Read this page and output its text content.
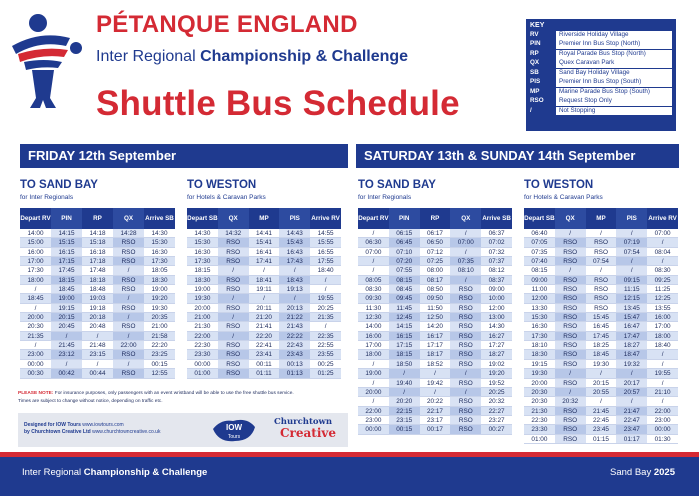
PÉTANQUE ENGLAND
Inter Regional Championship & Challenge
Shuttle Bus Schedule
KEY
RV	Riverside Holiday Village
PIN	Premier Inn Bus Stop (North)
RP	Royal Parade Bus Stop (North)
QX	Quex Caravan Park
SB	Sand Bay Holiday Village
PIS	Premier Inn Bus Stop (South)
MP	Marine Parade Bus Stop (South)
RSO	Request Stop Only
/	Not Stopping
FRIDAY 12th September	SATURDAY 13th & SUNDAY 14th September
TO SAND BAY
for Inter Regionals
TO WESTON
for Hotels & Caravan Parks
TO SAND BAY
for Inter Regionals
TO WESTON
for Hotels & Caravan Parks
Depart RV	PIN	RP	QX	Arrive SB
14:00	14:15	14:18	14:28	14:30
15:00	15:15	15:18	RSO	15:30
16:00	16:15	16:18	RSO	16:30
17:00	17:15	17:18	RSO	17:30
17:30	17:45	17:48	/	18:05
18:00	18:15	18:18	RSO	18:30
/	18:45	18:48	RSO	19:00
18:45	19:00	19:03	/	19:20
/	19:15	19:18	RSO	19:30
20:00	20:15	20:18	/	20:35
20:30	20:45	20:48	RSO	21:00
21:35	/	/	/	21:58
/	21:45	21:48	22:00	22:20
23:00	23:12	23:15	RSO	23:25
00:00	/	/	/	00:15
00:30	00:42	00:44	RSO	12:55
Depart SB	QX	MP	PIS	Arrive RV
14:30	14:32	14:41	14:43	14:55
15:30	RSO	15:41	15:43	15:55
16:30	RSO	16:41	16:43	16:55
17:30	RSO	17:41	17:43	17:55
18:15	/	/	/	18:40
18:30	RSO	18:41	18:43	/
19:00	RSO	19:11	19:13	/
19:30	/	/	/	19:55
20:00	RSO	20:11	20:13	20:25
21:00	/	21:20	21:22	21:35
21:30	RSO	21:41	21:43	/
22:00	/	22:20	22:22	22:35
22:30	RSO	22:41	22:43	22:55
23:30	RSO	23:41	23:43	23:55
00:00	RSO	00:11	00:13	00:25
01:00	RSO	01:11	01:13	01:25
Depart RV	PIN	RP	QX	Arrive SB
/	06:15	06:17	/	06:37
06:30	06:45	06:50	07:00	07:02
07:00	07:10	07:12	/	07:32
/	07:20	07:25	07:35	07:37
/	07:55	08:00	08:10	08:12
08:05	08:15	08:17	/	08:37
08:30	08:45	08:50	RSO	09:00
09:30	09:45	09:50	RSO	10:00
11:30	11:45	11:50	RSO	12:00
12:30	12:45	12:50	RSO	13:00
14:00	14:15	14:20	RSO	14:30
16:00	16:15	16:17	RSO	16:27
17:00	17:15	17:17	RSO	17:27
18:00	18:15	18:17	RSO	18:27
/	18:50	18:52	RSO	19:02
19:00	/	/	/	19:20
/	19:40	19:42	RSO	19:52
20:00	/	/	/	20:25
/	20:20	20:22	RSO	20:32
22:00	22:15	22:17	RSO	22:27
23:00	23:15	23:17	RSO	23:27
00:00	00:15	00:17	RSO	00:27
Depart SB	QX	MP	PIS	Arrive RV
06:40	/	/	/	07:00
07:05	RSO	RSO	07:19	/
07:35	RSO	RSO	07:54	08:04
07:40	RSO	07:54	/	/
08:15	/	/	/	08:30
09:00	RSO	RSO	09:15	09:25
11:00	RSO	RSO	11:15	11:25
12:00	RSO	RSO	12:15	12:25
13:30	RSO	RSO	13:45	13:55
15:30	RSO	15:45	15:47	16:00
16:30	RSO	16:45	16:47	17:00
17:30	RSO	17:45	17:47	18:00
18:10	RSO	18:25	18:27	18:40
18:30	RSO	18:45	18:47	/
19:15	RSO	19:30	19:32	/
19:30	/	/	/	19:55
20:00	RSO	20:15	20:17	/
20:30	/	20:55	20:57	21:10
20:30	20:32	/	/	/
21:30	RSO	21:45	21:47	22:00
22:30	RSO	22:45	22:47	23:00
23:30	RSO	23:45	23:47	00:00
01:00	RSO	01:15	01:17	01:30
PLEASE NOTE: For insurance purposes, only passengers with an event wristband will be able to use the free shuttle bus service.
Times are subject to change without notice, depending on traffic etc.
Designed for IOW Tours www.iowtours.com
by Churchtown Creative Ltd www.churchtowncreative.co.uk	IOW
Tours
Churchtown
Creative
Inter Regional Championship & Challenge	Sand Bay 2025
